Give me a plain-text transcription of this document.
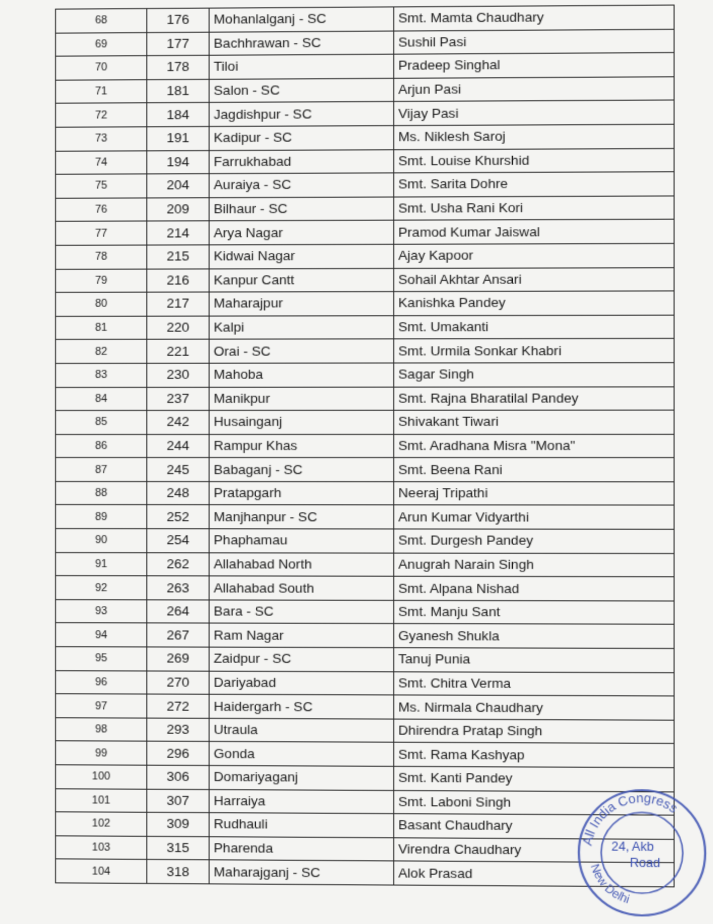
68	176	Mohanlalganj - SC	Smt. Mamta Chaudhary
69	177	Bachhrawan - SC	Sushil Pasi
70	178	Tiloi	Pradeep Singhal
71	181	Salon - SC	Arjun Pasi
72	184	Jagdishpur - SC	Vijay Pasi
73	191	Kadipur - SC	Ms. Niklesh Saroj
74	194	Farrukhabad	Smt. Louise Khurshid
75	204	Auraiya - SC	Smt. Sarita Dohre
76	209	Bilhaur - SC	Smt. Usha Rani Kori
77	214	Arya Nagar	Pramod Kumar Jaiswal
78	215	Kidwai Nagar	Ajay Kapoor
79	216	Kanpur Cantt	Sohail Akhtar Ansari
80	217	Maharajpur	Kanishka Pandey
81	220	Kalpi	Smt. Umakanti
82	221	Orai - SC	Smt. Urmila Sonkar Khabri
83	230	Mahoba	Sagar Singh
84	237	Manikpur	Smt. Rajna Bharatilal Pandey
85	242	Husainganj	Shivakant Tiwari
86	244	Rampur Khas	Smt. Aradhana Misra "Mona"
87	245	Babaganj - SC	Smt. Beena Rani
88	248	Pratapgarh	Neeraj Tripathi
89	252	Manjhanpur - SC	Arun Kumar Vidyarthi
90	254	Phaphamau	Smt. Durgesh Pandey
91	262	Allahabad North	Anugrah Narain Singh
92	263	Allahabad South	Smt. Alpana Nishad
93	264	Bara - SC	Smt. Manju Sant
94	267	Ram Nagar	Gyanesh Shukla
95	269	Zaidpur - SC	Tanuj Punia
96	270	Dariyabad	Smt. Chitra Verma
97	272	Haidergarh - SC	Ms. Nirmala Chaudhary
98	293	Utraula	Dhirendra Pratap Singh
99	296	Gonda	Smt. Rama Kashyap
100	306	Domariyaganj	Smt. Kanti Pandey
101	307	Harraiya	Smt. Laboni Singh
102	309	Rudhauli	Basant Chaudhary
103	315	Pharenda	Virendra Chaudhary
104	318	Maharajganj - SC	Alok Prasad
All India Congress
New Delhi
24, Akb
Road
